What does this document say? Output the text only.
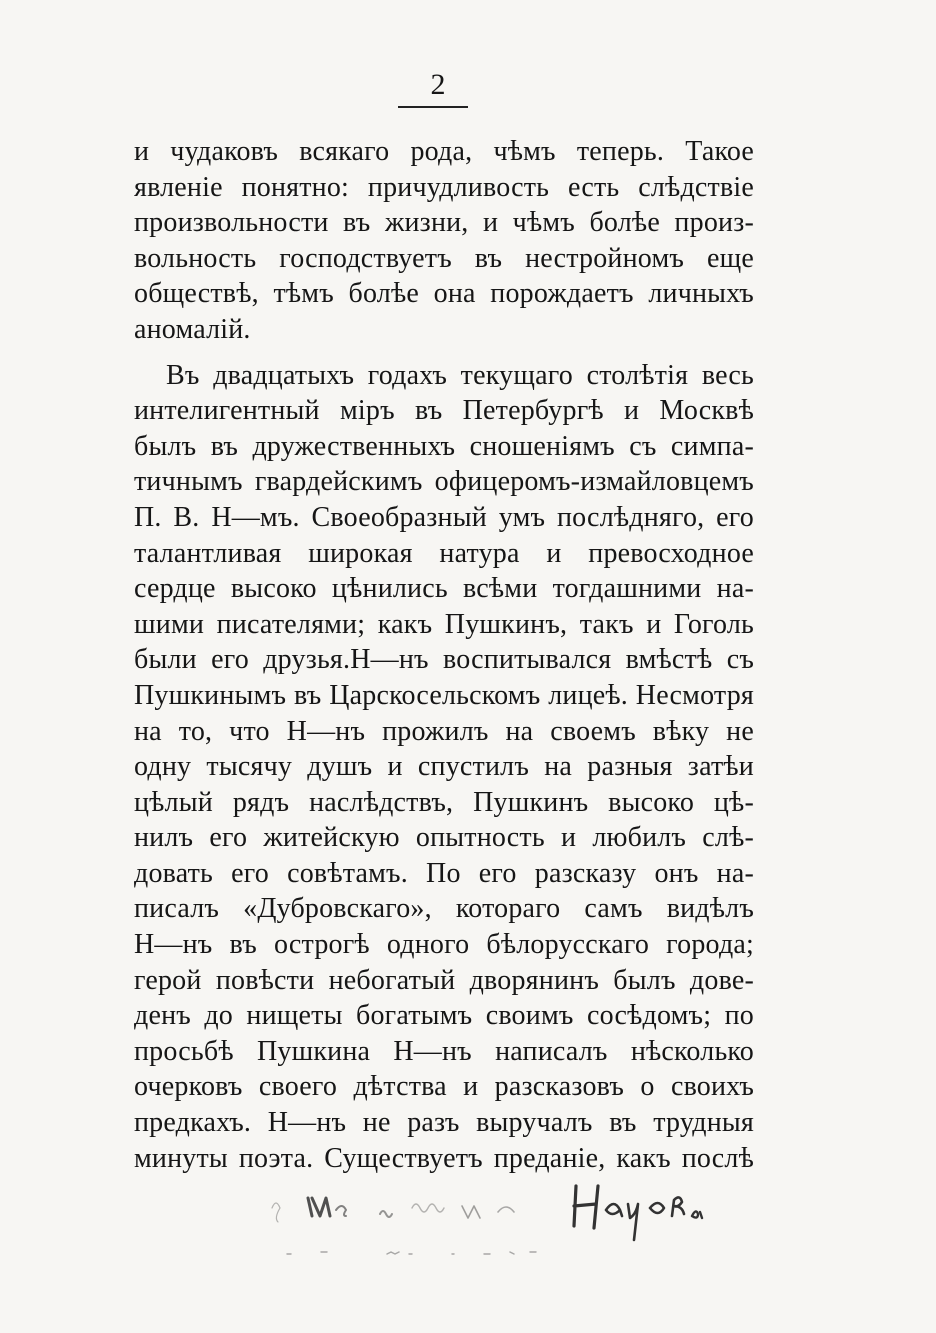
2
и чудаковъ всякаго рода, чѣмъ теперь. Такое
явленіе понятно: причудливость есть слѣдствіе
произвольности въ жизни, и чѣмъ болѣе произ-
вольность господствуетъ въ нестройномъ еще
обществѣ, тѣмъ болѣе она порождаетъ личныхъ
аномалій.
Въ двадцатыхъ годахъ текущаго столѣтія весь
интелигентный міръ въ Петербургѣ и Москвѣ
былъ въ дружественныхъ сношеніямъ съ симпа-
тичнымъ гвардейскимъ офицеромъ-измайловцемъ
П. В. Н—мъ. Своеобразный умъ послѣдняго, его
талантливая широкая натура и превосходное
сердце высоко цѣнились всѣми тогдашними на-
шими писателями; какъ Пушкинъ, такъ и Гоголь
были его друзья.Н—нъ воспитывался вмѣстѣ съ
Пушкинымъ въ Царскосельскомъ лицеѣ. Несмотря
на то, что Н—нъ прожилъ на своемъ вѣку не
одну тысячу душъ и спустилъ на разныя затѣи
цѣлый рядъ наслѣдствъ, Пушкинъ высоко цѣ-
нилъ его житейскую опытность и любилъ слѣ-
довать его совѣтамъ. По его разсказу онъ на-
писалъ «Дубровскаго», котораго самъ видѣлъ
Н—нъ въ острогѣ одного бѣлорусскаго города;
герой повѣсти небогатый дворянинъ былъ дове-
денъ до нищеты богатымъ своимъ сосѣдомъ; по
просьбѣ Пушкина Н—нъ написалъ нѣсколько
очерковъ своего дѣтства и разсказовъ о своихъ
предкахъ. Н—нъ не разъ выручалъ въ трудныя
минуты поэта. Существуетъ преданіе, какъ послѣ
